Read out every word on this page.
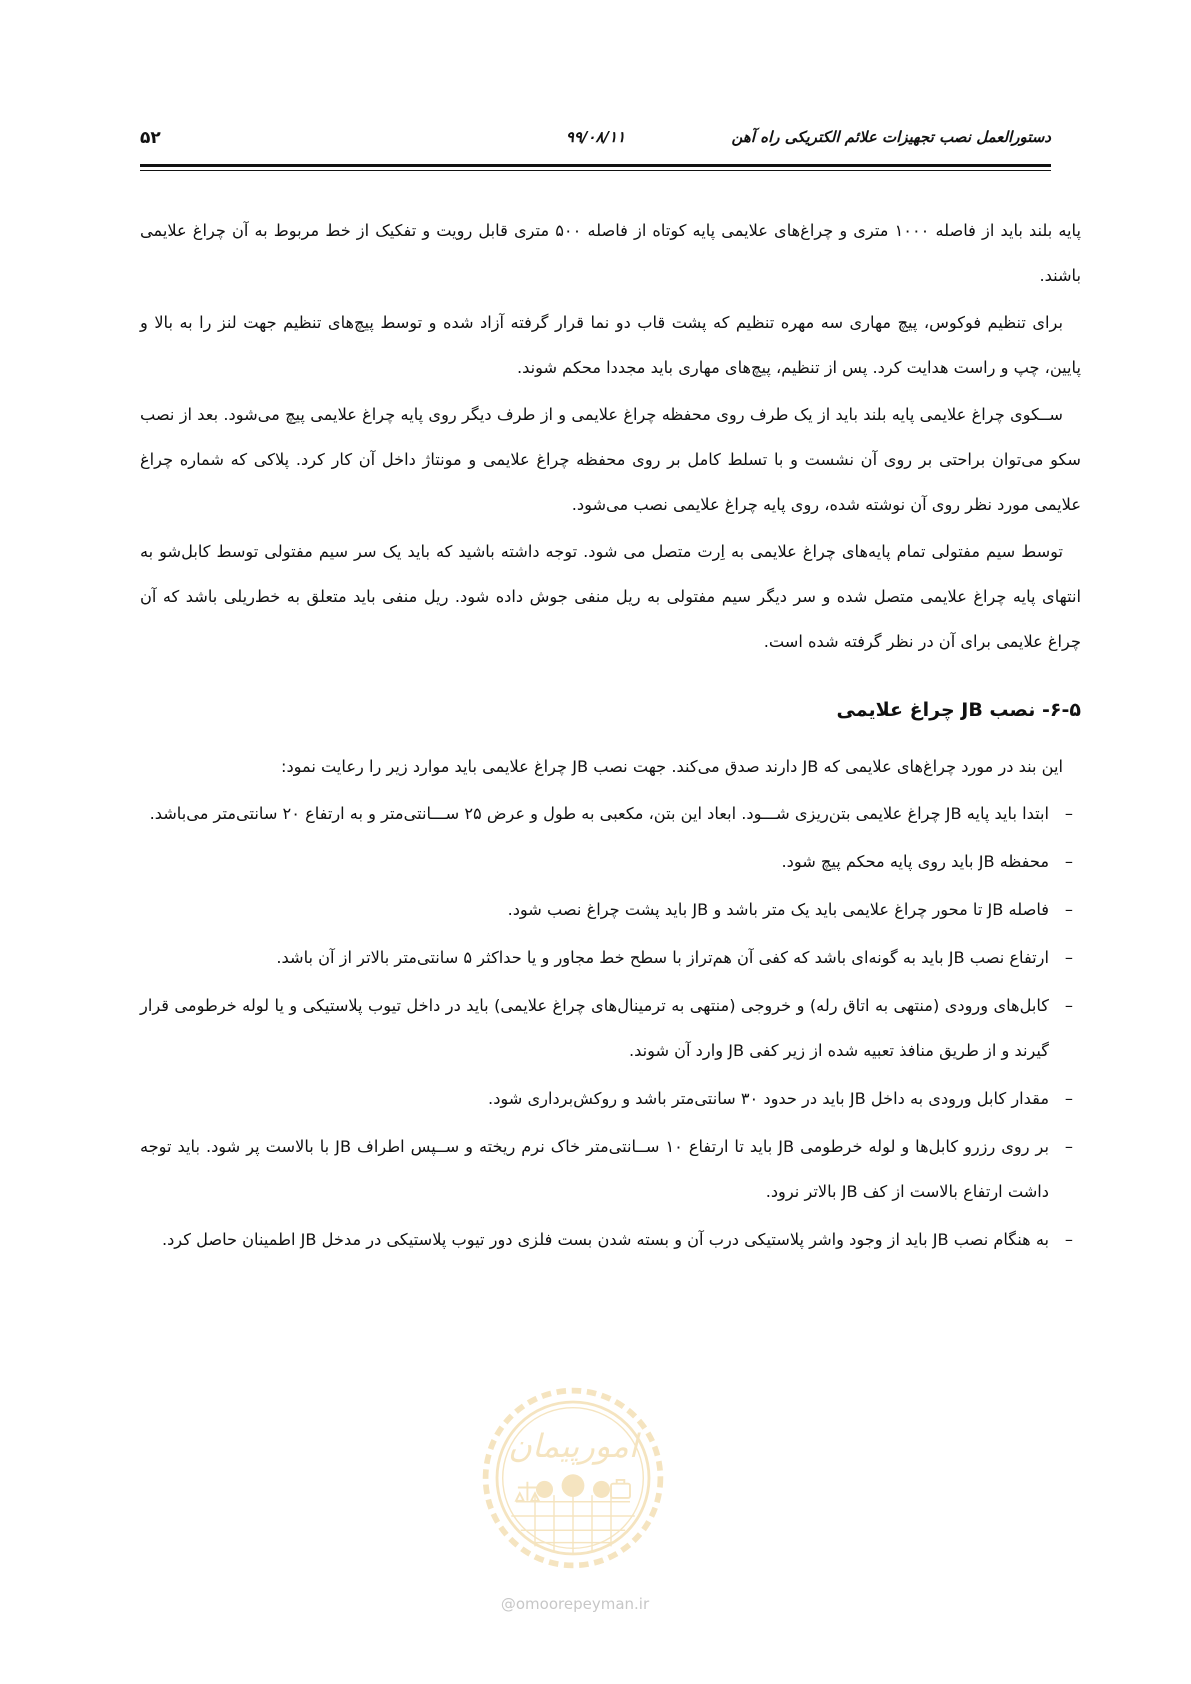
دستورالعمل نصب تجهیزات علائم الکتریکی راه آهن
۹۹/۰۸/۱۱
۵۲

پایه بلند باید از فاصله ۱۰۰۰ متری و چراغ‌های علایمی پایه کوتاه از فاصله ۵۰۰ متری قابل رویت و تفکیک از خط مربوط به آن چراغ علایمی باشند.

برای تنظیم فوکوس، پیچ مهاری سه مهره تنظیم که پشت قاب دو نما قرار گرفته آزاد شده و توسط پیچ‌های تنظیم جهت لنز را به بالا و پایین، چپ و راست هدایت کرد. پس از تنظیم، پیچ‌های مهاری باید مجددا محکم شوند.

ســکوی چراغ علایمی پایه بلند باید از یک طرف روی محفظه چراغ علایمی و از طرف دیگر روی پایه چراغ علایمی پیچ می‌شود. بعد از نصب سکو می‌توان براحتی بر روی آن نشست و با تسلط کامل بر روی محفظه چراغ علایمی و مونتاژ داخل آن کار کرد. پلاکی که شماره چراغ علایمی مورد نظر روی آن نوشته شده، روی پایه چراغ علایمی نصب می‌شود.

توسط سیم مفتولی تمام پایه‌های چراغ علایمی به اِرت متصل می شود. توجه داشته باشید که باید یک سر سیم مفتولی توسط کابل‌شو به انتهای پایه چراغ علایمی متصل شده و سر دیگر سیم مفتولی به ریل منفی جوش داده شود. ریل منفی باید متعلق به خط‌ریلی باشد که آن چراغ علایمی برای آن در نظر گرفته شده است.

۶-۵- نصب JB چراغ علایمی

این بند در مورد چراغ‌های علایمی که JB دارند صدق می‌کند. جهت نصب JB چراغ علایمی باید موارد زیر را رعایت نمود:

–
ابتدا باید پایه JB چراغ علایمی بتن‌ریزی شـــود. ابعاد این بتن، مکعبی به طول و عرض ۲۵ ســـانتی‌متر و به ارتفاع ۲۰ سانتی‌متر می‌باشد.
–
محفظه JB باید روی پایه محکم پیچ شود.
–
فاصله JB تا محور چراغ علایمی باید یک متر باشد و JB باید پشت چراغ نصب شود.
–
ارتفاع نصب JB باید به گونه‌ای باشد که کفی آن هم‌تراز با سطح خط مجاور و یا حداکثر ۵ سانتی‌متر بالاتر از آن باشد.
–
کابل‌های ورودی (منتهی به اتاق رله) و خروجی (منتهی به ترمینال‌های چراغ علایمی) باید در داخل تیوب پلاستیکی و یا لوله خرطومی قرار گیرند و از طریق منافذ تعبیه شده از زیر کفی JB وارد آن شوند.
–
مقدار کابل ورودی به داخل JB باید در حدود ۳۰ سانتی‌متر باشد و روکش‌برداری شود.
–
بر روی رزرو کابل‌ها و لوله خرطومی JB باید تا ارتفاع ۱۰ ســانتی‌متر خاک نرم ریخته و ســپس اطراف JB با بالاست پر شود. باید توجه داشت ارتفاع بالاست از کف JB بالاتر نرود.
–
به هنگام نصب JB باید از وجود واشر پلاستیکی درب آن و بسته شدن بست فلزی دور تیوب پلاستیکی در مدخل JB اطمینان حاصل کرد.
امورپیمان
@omoorepeyman.ir
